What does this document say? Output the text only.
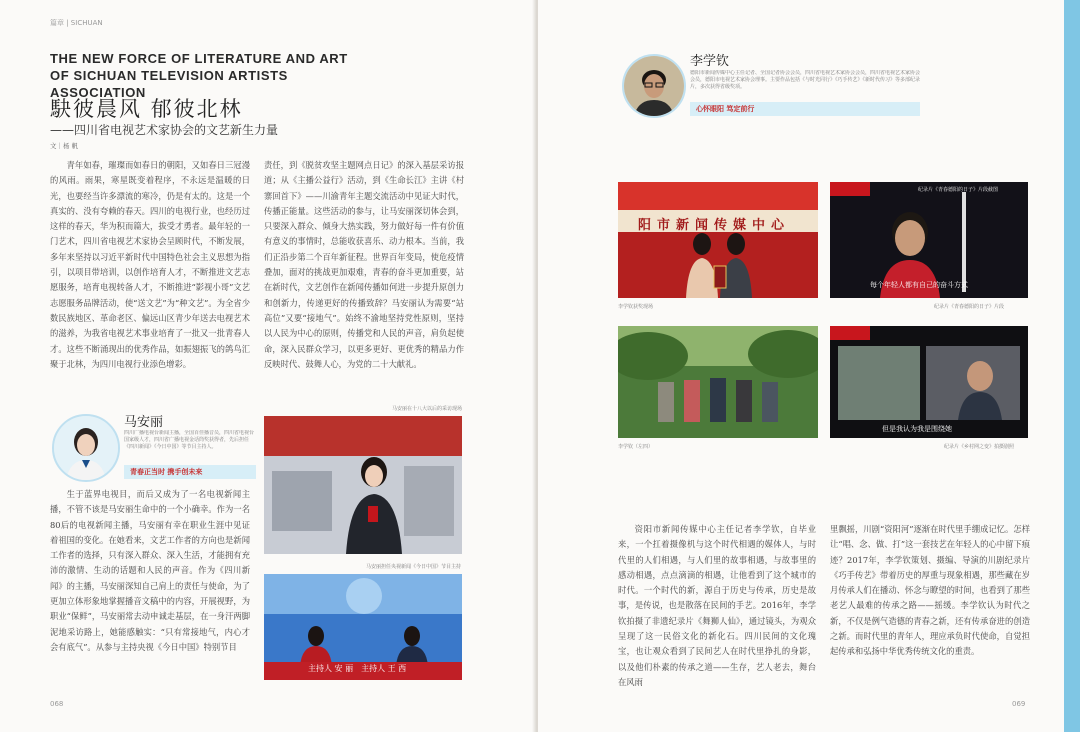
篇章 | SICHUAN
THE NEW FORCE OF LITERATURE AND ART OF SICHUAN TELEVISION ARTISTS ASSOCIATION
駃彼晨风 郁彼北林
——四川省电视艺术家协会的文艺新生力量
文｜杨 帆

青年如春，璀璨而如春日的朝阳，又如春日三冠漫的风雨。雨果，寒星既变着程序，不永远是温暖的日光，也要经当许多漂流的寒冷，仍是有太的。这是一个真实的、没有夸赖的春天。四川的电视行业，也经历过这样的春天，华为积而篇大，拔受才勇者。最年轻的一门艺术，四川省电视艺术家协会呈顾时代，不断发展，多年来坚持以习近平新时代中国特色社会主义思想为指引，以项目带培训，以创作培育人才，不断推进文艺志愿服务，培育电视转备人才，不断推进“影视小哥”文艺志愿服务品牌活动，使“送文艺”为“种文艺”。为全省少数民族地区、革命老区、偏远山区青少年送去电视艺术的滋养，为我省电视艺术事业培育了一批又一批青春人才。这些不断涌现出的优秀作品，如振翅振飞的鸽鸟汇聚于北林，为四川电视行业添色增彩。

责任，到《脱贫攻坚主题网点日记》的深入基层采访报道；从《主播公益行》活动，到《生命长江》主讲《村寨回首下》——川渝青年主题交流活动中见证大时代，传播正能量。这些活动的参与，让马安丽深切体会到，只要深入群众、倾身大热实践，努力做好每一件有价值有意义的事情时，总能收获喜乐、动力根本。当前，我们正沿步第二个百年新征程。世界百年变局，使危疫情叠加，面对的挑战更加艰难，青春的奋斗更加重要，站在新时代，文艺创作在新闻传播如何进一步提升原创力和创新力，传递更好的传播致辞？马安丽认为需要“站高位”又要“接地气”。始终不渝地坚持党性原则，坚持以人民为中心的原则，传播党和人民的声音，肩负起使命，深入民群众学习，以更多更好、更优秀的精品力作反映时代、鼓舞人心，为党的二十大献礼。

马安丽
四川广播电视台新闻主播，全国百佳播音员，四川省电视台国家级人才，四川省广播电视金话筒奖获得者，先后担任《四川新闻》《今日中国》等节目主持人。
青春正当时 携手创未来

生于蓝界电视目，而后又成为了一名电视新闻主播，不管不该是马安丽生命中的一个小确幸。作为一名80后的电视新闻主播，马安丽有幸在职业生涯中见证着祖国的变化。在她看来，文艺工作者的方向也是新闻工作者的选择，只有深入群众、深入生活，才能拥有充沛的激情、生动的话题和人民的声音。作为《四川新闻》的主播，马安丽深知自己肩上的责任与使命，为了更加立体形象地掌握播音文稿中的内容，开展视野，为职业“保鲜”，马安丽常去动申诚走基层，在一身汗两脚泥地采访路上，她能感触实：“只有常接地气，内心才会有底气”。从参与主持央视《今日中国》特别节目

马安丽在十八大以后的采访现场
马安丽担任央视新闻《今日中国》节目主持
主持人 安 丽　主持人 王 西
068
李学钦
德阳市新闻传媒中心主任记者、全国记者协会会员，四川省电视艺术家协会会员，四川省电视艺术家协会会员，德阳市电视艺术家协会理事。主要作品包括《与时光同行》《巧手传艺》《新时代传习》等多部纪录片，多次获得省级奖项。
心怀眼阳 笃定前行
阳市新闻传媒中心
李学钦获奖现场
每个年轻人都有自己的奋斗方式
纪录片《青春德阳的日子》片段截图
纪录片《青春德阳的日子》片段
李学钦（左四）
但是我认为我是围绕她
纪录片《乡村网之变》拍摄剧照

资阳市新闻传媒中心主任记者李学钦，自毕业来，一个扛着摄像机与这个时代相遇的媒体人，与时代里的人们相遇，与人们里的故事相遇，与故事里的感动相遇，点点滴滴的相遇，让他看到了这个城市的时代。一个时代的新，源自于历史与传承，历史是故事，是传说，也是散落在民间的手艺。2016年，李学钦拍摄了非遗纪录片《舞狮人仙》，通过镜头，为观众呈现了这一民俗文化的新化石。四川民间的文化瑰宝，也让观众看到了民间艺人在时代里挣扎的身影，以及他们朴素的传承之道——生存，艺人老去，舞台在风雨

里飘摇，川剧“资阳河”逐渐在时代里手绷成记忆。怎样让“唱、念、做、打”这一套技艺在年轻人的心中留下痕迹？2017年，李学钦策划、摄编、导演的川剧纪录片《巧手传艺》带着历史的厚重与现象相遇，那些藏在岁月传承人们在播动、怀念与瞭望的时间，也看到了那些老艺人最难的传承之路——摇缓。李学钦认为时代之新，不仅是例气造德的青春之新，还有传承奋进的创造之新。而时代里的青年人，理应承负时代使命，自觉担起传承和弘扬中华优秀传统文化的重责。

069
